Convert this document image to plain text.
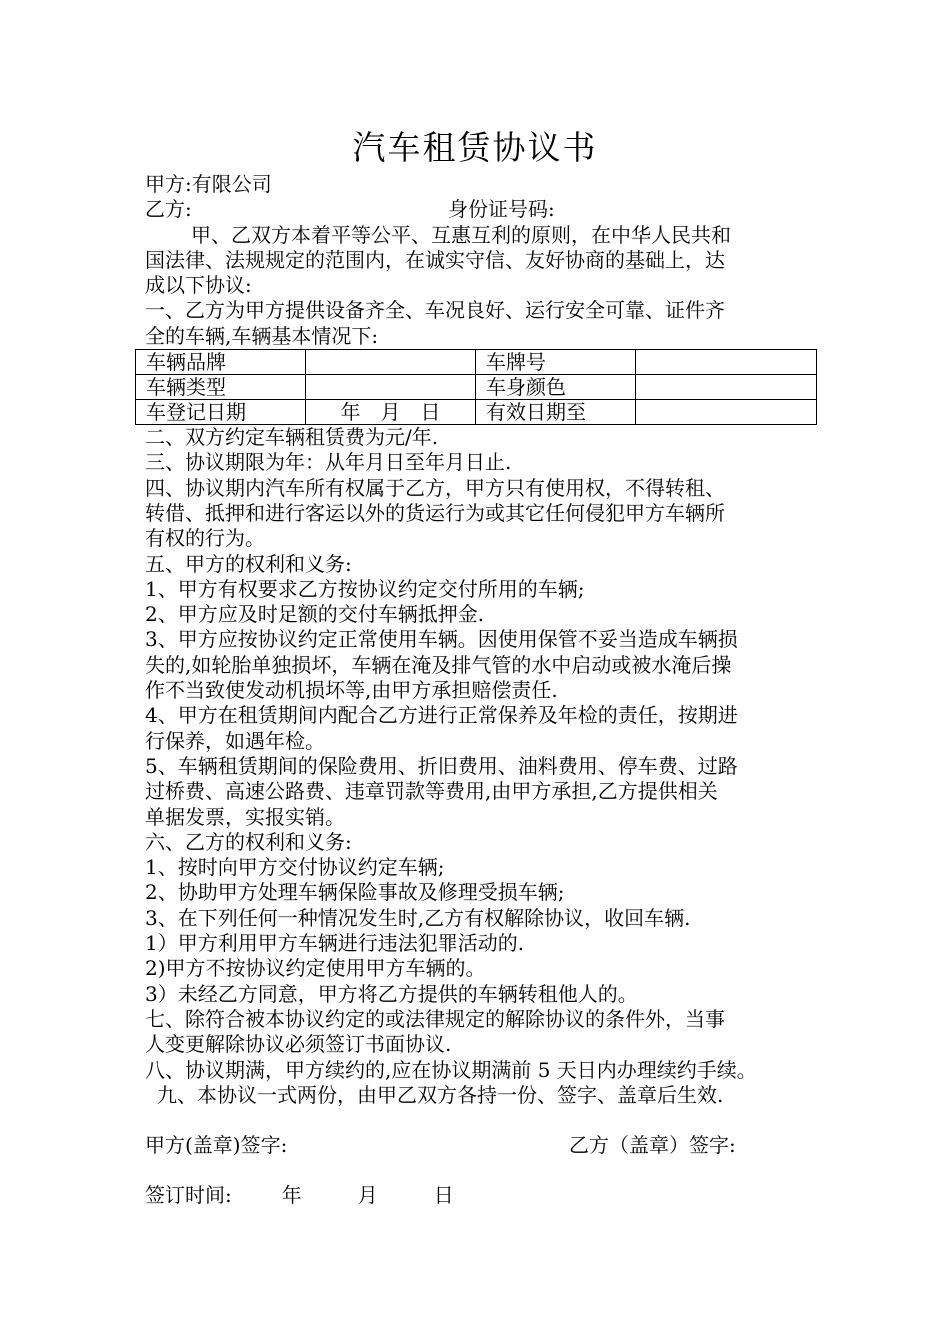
汽车租赁协议书
甲方:有限公司
乙方:	身份证号码:
甲、乙双方本着平等公平、互惠互利的原则，在中华人民共和
国法律、法规规定的范围内，在诚实守信、友好协商的基础上，达
成以下协议:
一、乙方为甲方提供设备齐全、车况良好、运行安全可靠、证件齐
全的车辆,车辆基本情况下:
车辆品牌		车牌号	
车辆类型		车身颜色	
车登记日期	年　月　日	有效日期至	
二、双方约定车辆租赁费为元/年.
三、协议期限为年：从年月日至年月日止.
四、协议期内汽车所有权属于乙方，甲方只有使用权，不得转租、
转借、抵押和进行客运以外的货运行为或其它任何侵犯甲方车辆所
有权的行为。
五、甲方的权利和义务:
1、甲方有权要求乙方按协议约定交付所用的车辆;
2、甲方应及时足额的交付车辆抵押金.
3、甲方应按协议约定正常使用车辆。因使用保管不妥当造成车辆损
失的,如轮胎单独损坏，车辆在淹及排气管的水中启动或被水淹后操
作不当致使发动机损坏等,由甲方承担赔偿责任.
4、甲方在租赁期间内配合乙方进行正常保养及年检的责任，按期进
行保养，如遇年检。
5、车辆租赁期间的保险费用、折旧费用、油料费用、停车费、过路
过桥费、高速公路费、违章罚款等费用,由甲方承担,乙方提供相关
单据发票，实报实销。
六、乙方的权利和义务:
1、按时向甲方交付协议约定车辆;
2、协助甲方处理车辆保险事故及修理受损车辆;
3、在下列任何一种情况发生时,乙方有权解除协议，收回车辆.
1）甲方利用甲方车辆进行违法犯罪活动的.
2)甲方不按协议约定使用甲方车辆的。
3）未经乙方同意，甲方将乙方提供的车辆转租他人的。
七、除符合被本协议约定的或法律规定的解除协议的条件外，当事
人变更解除协议必须签订书面协议.
八、协议期满，甲方续约的,应在协议期满前 5 天日内办理续约手续。
九、本协议一式两份，由甲乙双方各持一份、签字、盖章后生效.
甲方(盖章)签字:	乙方（盖章）签字:
签订时间:	年	月	日
